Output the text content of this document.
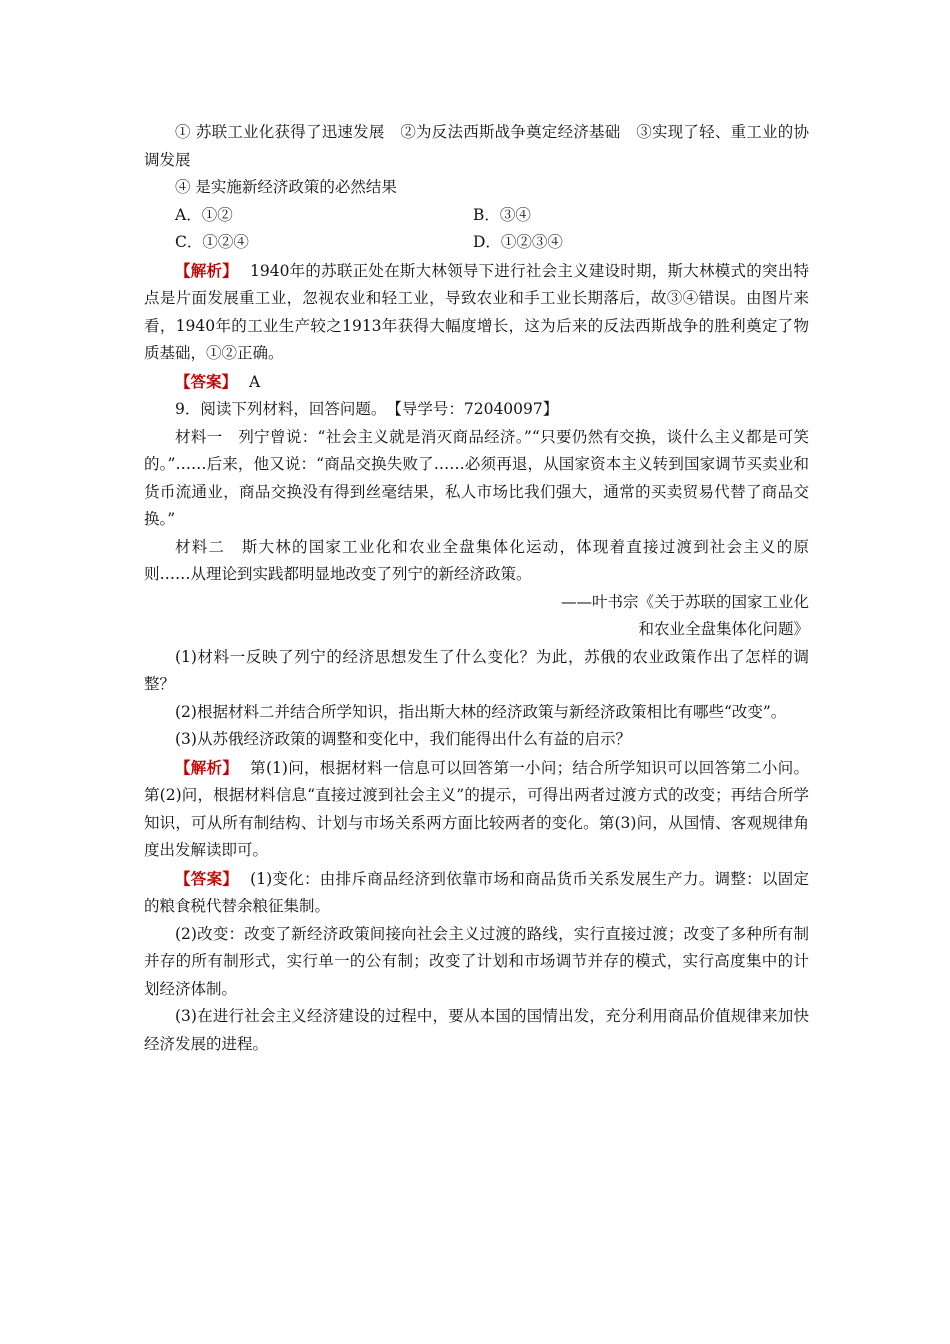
① 苏联工业化获得了迅速发展　②为反法西斯战争奠定经济基础　③实现了轻、重工业的协调发展

④ 是实施新经济政策的必然结果

A．①②	B．③④
C．①②④	D．①②③④

【解析】 1940年的苏联正处在斯大林领导下进行社会主义建设时期，斯大林模式的突出特点是片面发展重工业，忽视农业和轻工业，导致农业和手工业长期落后，故③④错误。由图片来看，1940年的工业生产较之1913年获得大幅度增长，这为后来的反法西斯战争的胜利奠定了物质基础，①②正确。

【答案】 A

9．阅读下列材料，回答问题。　【导学号：72040097】

材料一　列宁曾说：“社会主义就是消灭商品经济。”“只要仍然有交换，谈什么主义都是可笑的。”……后来，他又说：“商品交换失败了……必须再退，从国家资本主义转到国家调节买卖业和货币流通业，商品交换没有得到丝毫结果，私人市场比我们强大，通常的买卖贸易代替了商品交换。”

材料二　斯大林的国家工业化和农业全盘集体化运动，体现着直接过渡到社会主义的原则……从理论到实践都明显地改变了列宁的新经济政策。

——叶书宗《关于苏联的国家工业化

和农业全盘集体化问题》

(1)材料一反映了列宁的经济思想发生了什么变化？为此，苏俄的农业政策作出了怎样的调整？

(2)根据材料二并结合所学知识，指出斯大林的经济政策与新经济政策相比有哪些“改变”。

(3)从苏俄经济政策的调整和变化中，我们能得出什么有益的启示？

【解析】 第(1)问，根据材料一信息可以回答第一小问；结合所学知识可以回答第二小问。第(2)问，根据材料信息“直接过渡到社会主义”的提示，可得出两者过渡方式的改变；再结合所学知识，可从所有制结构、计划与市场关系两方面比较两者的变化。第(3)问，从国情、客观规律角度出发解读即可。

【答案】 (1)变化：由排斥商品经济到依靠市场和商品货币关系发展生产力。调整：以固定的粮食税代替余粮征集制。

(2)改变：改变了新经济政策间接向社会主义过渡的路线，实行直接过渡；改变了多种所有制并存的所有制形式，实行单一的公有制；改变了计划和市场调节并存的模式，实行高度集中的计划经济体制。

(3)在进行社会主义经济建设的过程中，要从本国的国情出发，充分利用商品价值规律来加快经济发展的进程。
